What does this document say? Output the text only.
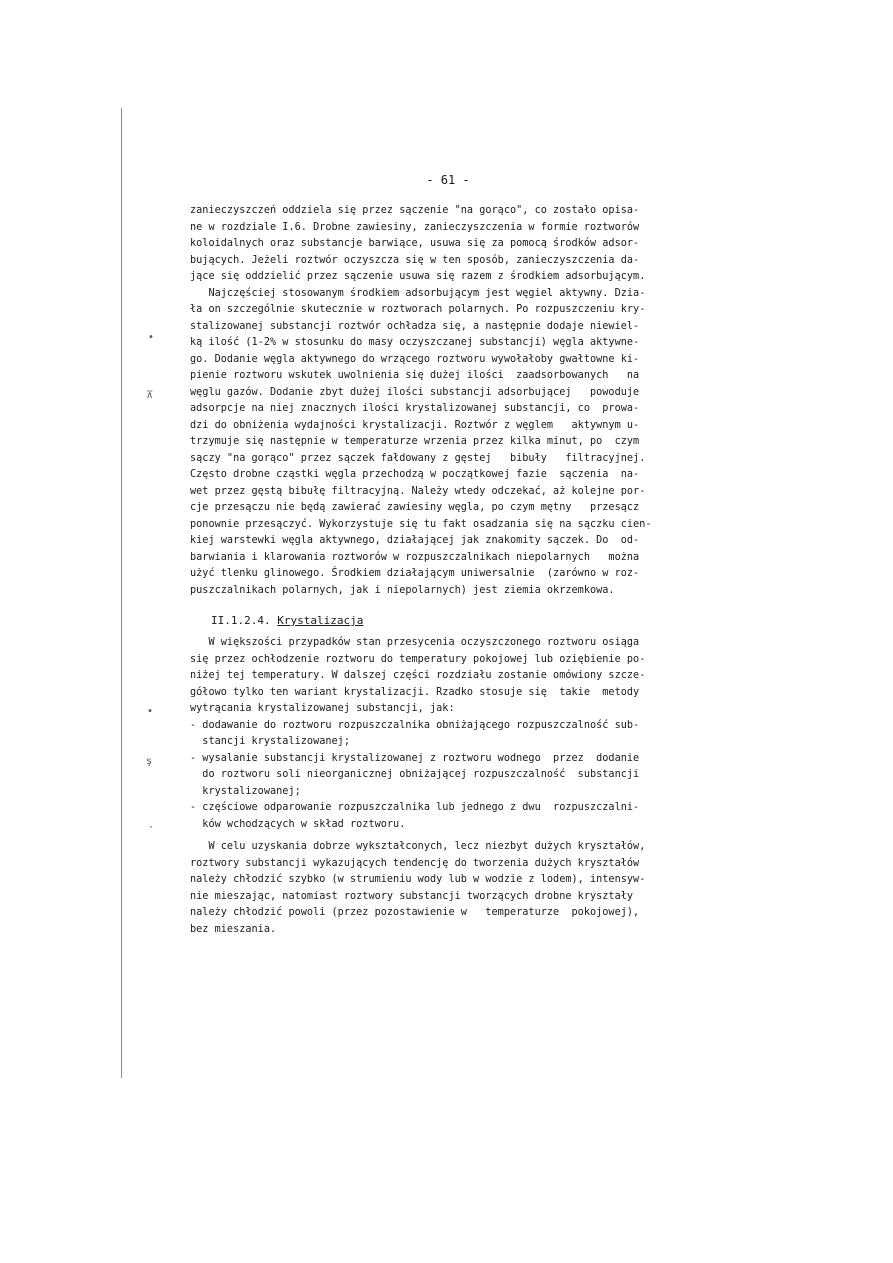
•
⊼
•
ş
·
- 61 -
zanieczyszczeń oddziela się przez sączenie "na gorąco", co zostało opisa-
ne w rozdziale I.6. Drobne zawiesiny, zanieczyszczenia w formie roztworów
koloidalnych oraz substancje barwiące, usuwa się za pomocą środków adsor-
bujących. Jeżeli roztwór oczyszcza się w ten sposób, zanieczyszczenia da-
jące się oddzielić przez sączenie usuwa się razem z środkiem adsorbującym.
Najczęściej stosowanym środkiem adsorbującym jest węgiel aktywny. Dzia-
ła on szczególnie skutecznie w roztworach polarnych. Po rozpuszczeniu kry-
stalizowanej substancji roztwór ochładza się, a następnie dodaje niewiel-
ką ilość (1-2% w stosunku do masy oczyszczanej substancji) węgla aktywne-
go. Dodanie węgla aktywnego do wrzącego roztworu wywołałoby gwałtowne ki-
pienie roztworu wskutek uwolnienia się dużej ilości  zaadsorbowanych   na
węglu gazów. Dodanie zbyt dużej ilości substancji adsorbującej   powoduje
adsorpcje na niej znacznych ilości krystalizowanej substancji, co  prowa-
dzi do obniżenia wydajności krystalizacji. Roztwór z węglem   aktywnym u-
trzymuje się następnie w temperaturze wrzenia przez kilka minut, po  czym
sączy "na gorąco" przez sączek fałdowany z gęstej   bibuły   filtracyjnej.
Często drobne cząstki węgla przechodzą w początkowej fazie  sączenia  na-
wet przez gęstą bibułę filtracyjną. Należy wtedy odczekać, aż kolejne por-
cje przesączu nie będą zawierać zawiesiny węgla, po czym mętny   przesącz
ponownie przesączyć. Wykorzystuje się tu fakt osadzania się na sączku cien-
kiej warstewki węgla aktywnego, działającej jak znakomity sączek. Do  od-
barwiania i klarowania roztworów w rozpuszczalnikach niepolarnych   można
użyć tlenku glinowego. Środkiem działającym uniwersalnie  (zarówno w roz-
puszczalnikach polarnych, jak i niepolarnych) jest ziemia okrzemkowa.
II.1.2.4. Krystalizacja
W większości przypadków stan przesycenia oczyszczonego roztworu osiąga
się przez ochłodzenie roztworu do temperatury pokojowej lub oziębienie po-
niżej tej temperatury. W dalszej części rozdziału zostanie omówiony szcze-
gółowo tylko ten wariant krystalizacji. Rzadko stosuje się  takie  metody
wytrącania krystalizowanej substancji, jak:
- dodawanie do roztworu rozpuszczalnika obniżającego rozpuszczalność sub-
stancji krystalizowanej;
- wysalanie substancji krystalizowanej z roztworu wodnego  przez  dodanie
do roztworu soli nieorganicznej obniżającej rozpuszczalność  substancji
krystalizowanej;
- częściowe odparowanie rozpuszczalnika lub jednego z dwu  rozpuszczalni-
ków wchodzących w skład roztworu.
W celu uzyskania dobrze wykształconych, lecz niezbyt dużych kryształów,
roztwory substancji wykazujących tendencję do tworzenia dużych kryształów
należy chłodzić szybko (w strumieniu wody lub w wodzie z lodem), intensyw-
nie mieszając, natomiast roztwory substancji tworzących drobne kryształy
należy chłodzić powoli (przez pozostawienie w   temperaturze  pokojowej),
bez mieszania.
